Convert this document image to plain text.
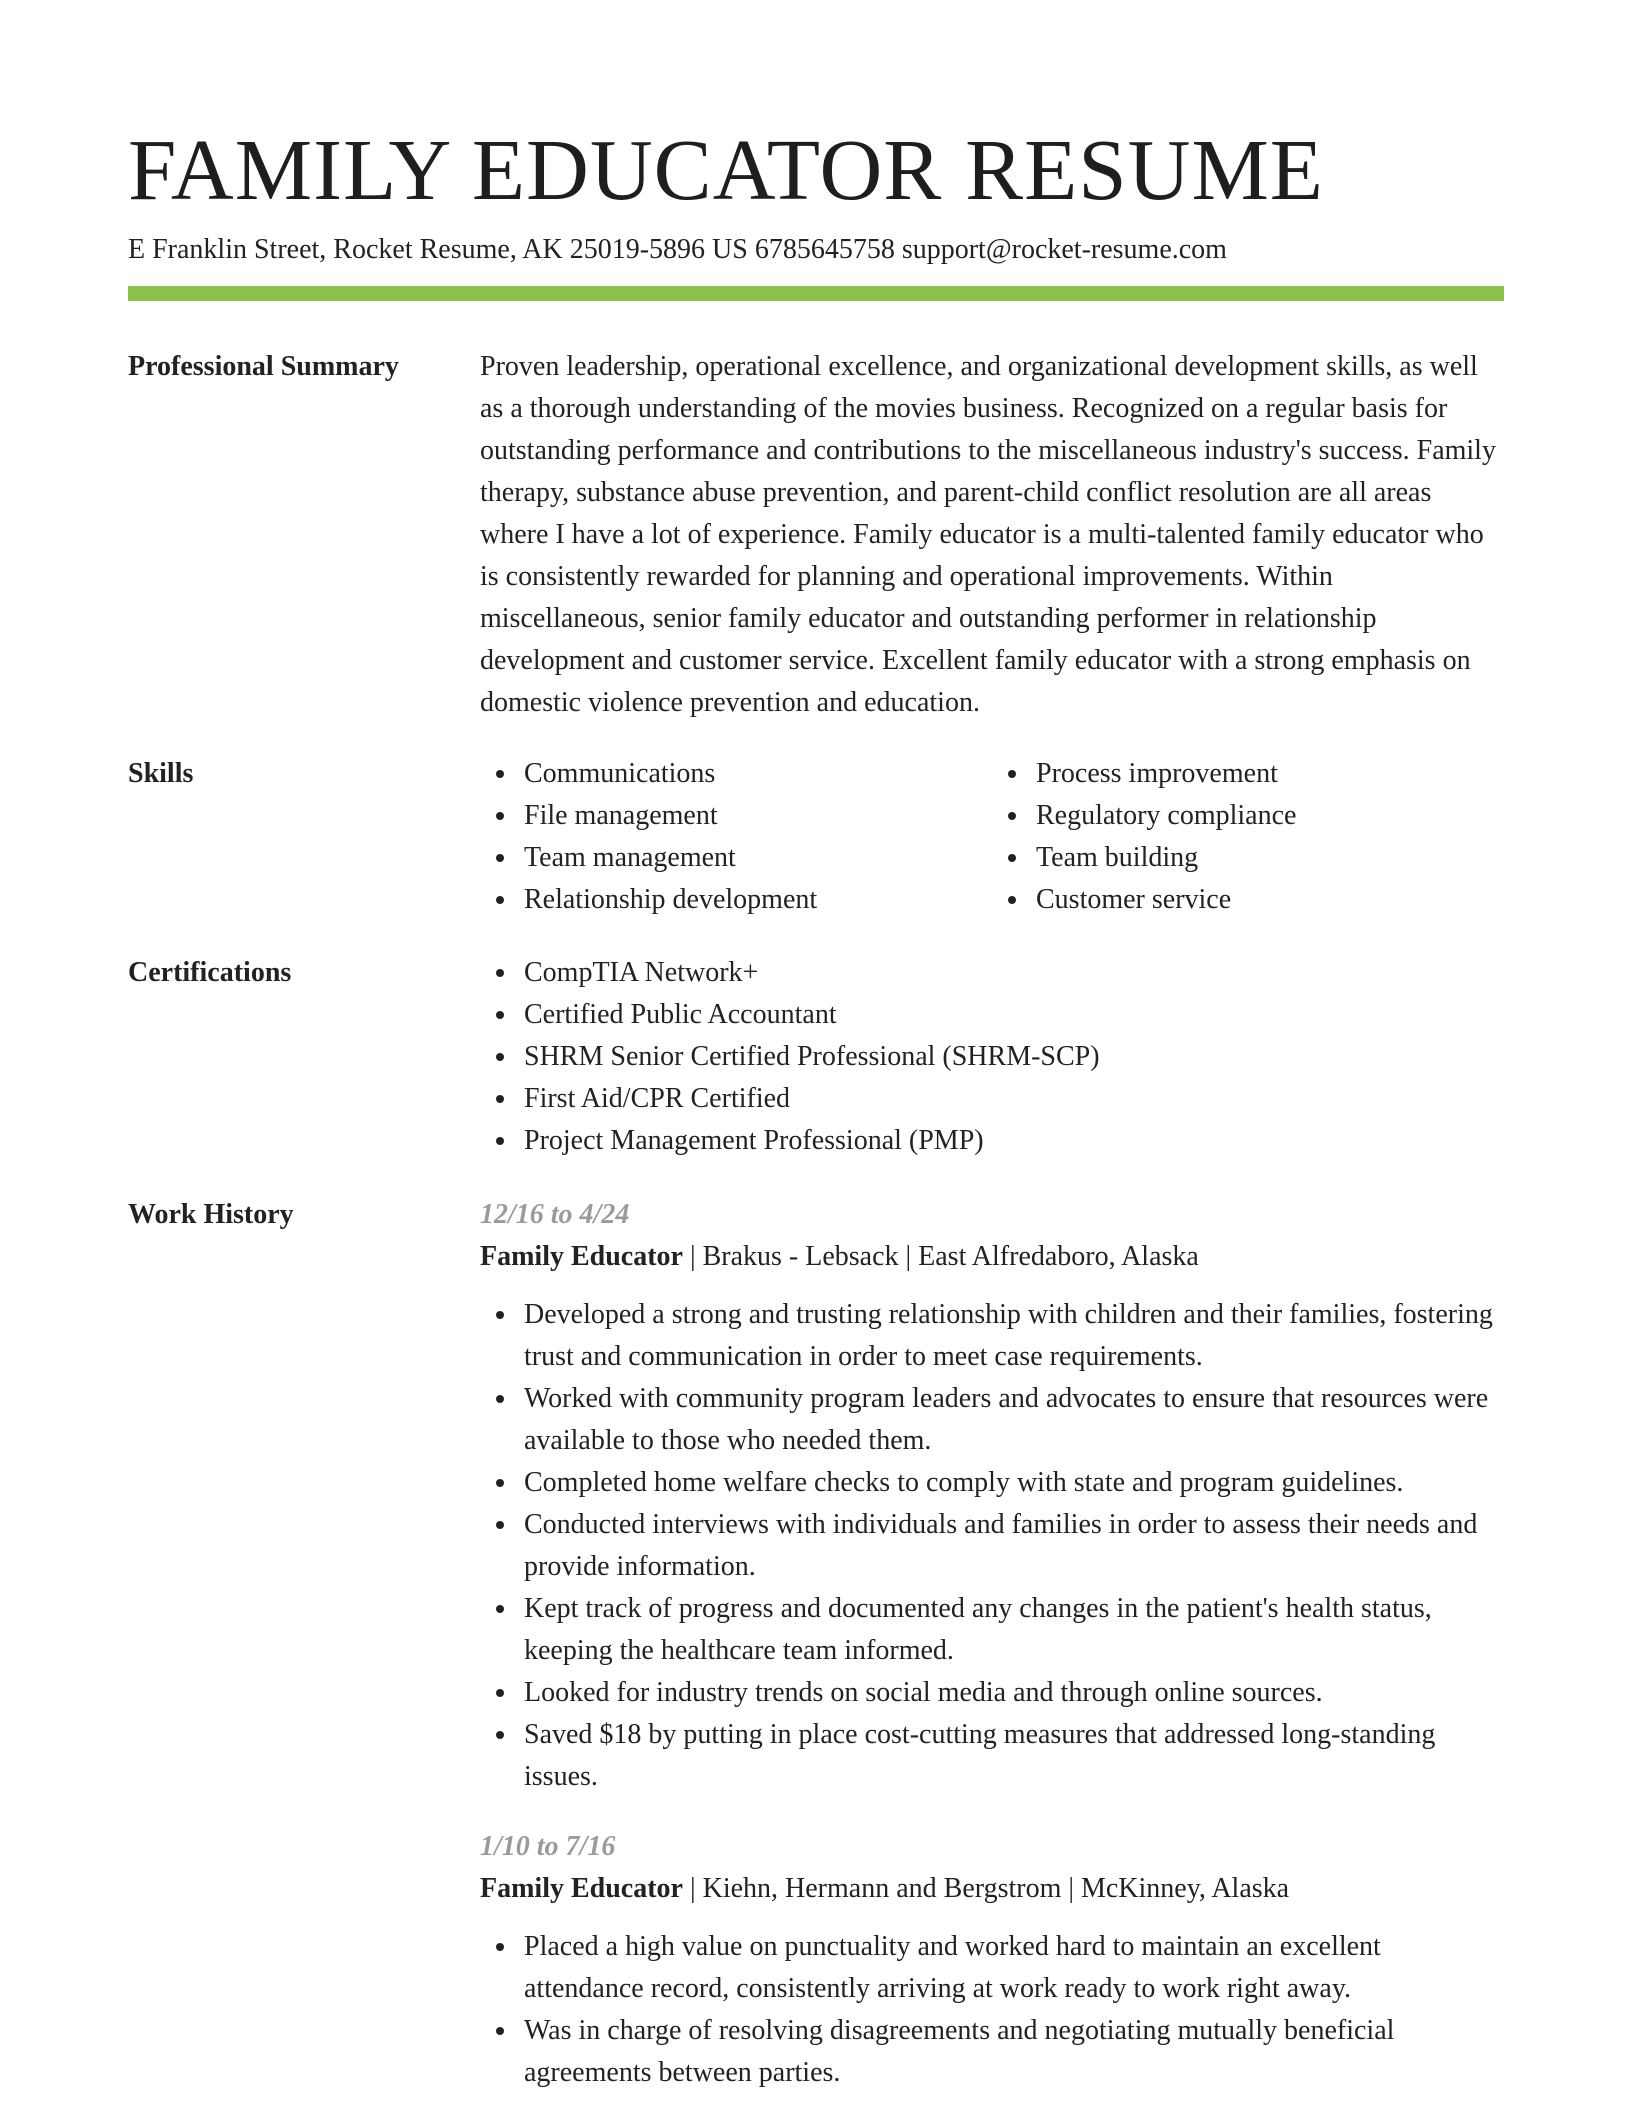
FAMILY EDUCATOR RESUME
E Franklin Street, Rocket Resume, AK 25019-5896 US 6785645758 support@rocket-resume.com
Professional Summary	Proven leadership, operational excellence, and organizational development skills, as well as a thorough understanding of the movies business. Recognized on a regular basis for outstanding performance and contributions to the miscellaneous industry's success. Family therapy, substance abuse prevention, and parent-child conflict resolution are all areas where I have a lot of experience. Family educator is a multi-talented family educator who is consistently rewarded for planning and operational improvements. Within miscellaneous, senior family educator and outstanding performer in relationship development and customer service. Excellent family educator with a strong emphasis on domestic violence prevention and education.

Skills	Communications
File management
Team management
Relationship development
Process improvement
Regulatory compliance
Team building
Customer service
Certifications	CompTIA Network+
Certified Public Accountant
SHRM Senior Certified Professional (SHRM-SCP)
First Aid/CPR Certified
Project Management Professional (PMP)
Work History	12/16 to 4/24
Family Educator | Brakus - Lebsack | East Alfredaboro, Alaska
Developed a strong and trusting relationship with children and their families, fostering trust and communication in order to meet case requirements.
Worked with community program leaders and advocates to ensure that resources were available to those who needed them.
Completed home welfare checks to comply with state and program guidelines.
Conducted interviews with individuals and families in order to assess their needs and provide information.
Kept track of progress and documented any changes in the patient's health status, keeping the healthcare team informed.
Looked for industry trends on social media and through online sources.
Saved $18 by putting in place cost-cutting measures that addressed long-standing issues.
1/10 to 7/16
Family Educator | Kiehn, Hermann and Bergstrom | McKinney, Alaska
Placed a high value on punctuality and worked hard to maintain an excellent attendance record, consistently arriving at work ready to work right away.
Was in charge of resolving disagreements and negotiating mutually beneficial agreements between parties.
